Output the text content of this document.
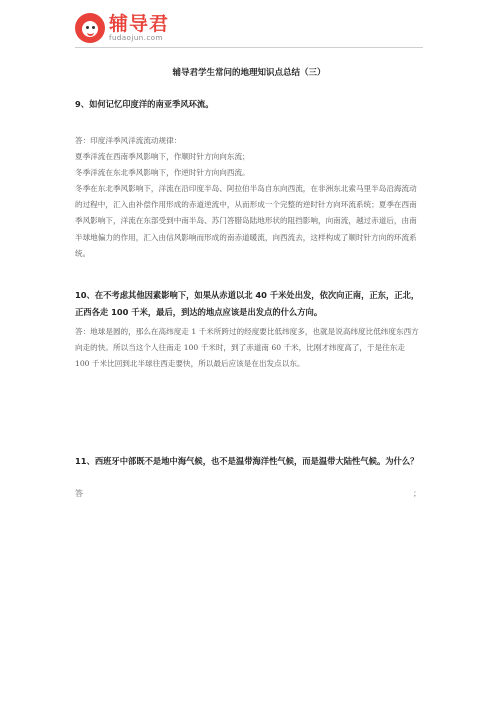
辅导君
fudaojun.com
辅导君学生常问的地理知识点总结（三）
9、如何记忆印度洋的南亚季风环流。
答：印度洋季风洋流流动规律：
夏季洋流在西南季风影响下，作顺时针方向向东流；
冬季洋流在东北季风影响下，作逆时针方向向西流。
冬季在东北季风影响下，洋流在沿印度半岛、阿拉伯半岛自东向西流，在非洲东北索马里半岛沿海流动的过程中，汇入由补偿作用形成的赤道逆流中，从而形成一个完整的逆时针方向环流系统；夏季在西南季风影响下，洋流在东部受到中南半岛、苏门答腊岛陆地形状的阻挡影响，向南流，越过赤道后，由南半球地偏力的作用，汇入由信风影响而形成的南赤道暖流，向西流去，这样构成了顺时针方向的环流系统。
10、在不考虑其他因素影响下，如果从赤道以北 40 千米处出发，依次向正南，正东，正北，正西各走 100 千米，最后，到达的地点应该是出发点的什么方向。
答：地球是圆的，那么在高纬度走 1 千米所跨过的经度要比低纬度多，也就是说高纬度比低纬度东西方向走的快。所以当这个人往南走 100 千米时，到了赤道南 60 千米，比刚才纬度高了，于是往东走 100 千米比回到北半球往西走要快，所以最后应该是在出发点以东。
11、西班牙中部既不是地中海气候，也不是温带海洋性气候，而是温带大陆性气候。为什么？
答	；
